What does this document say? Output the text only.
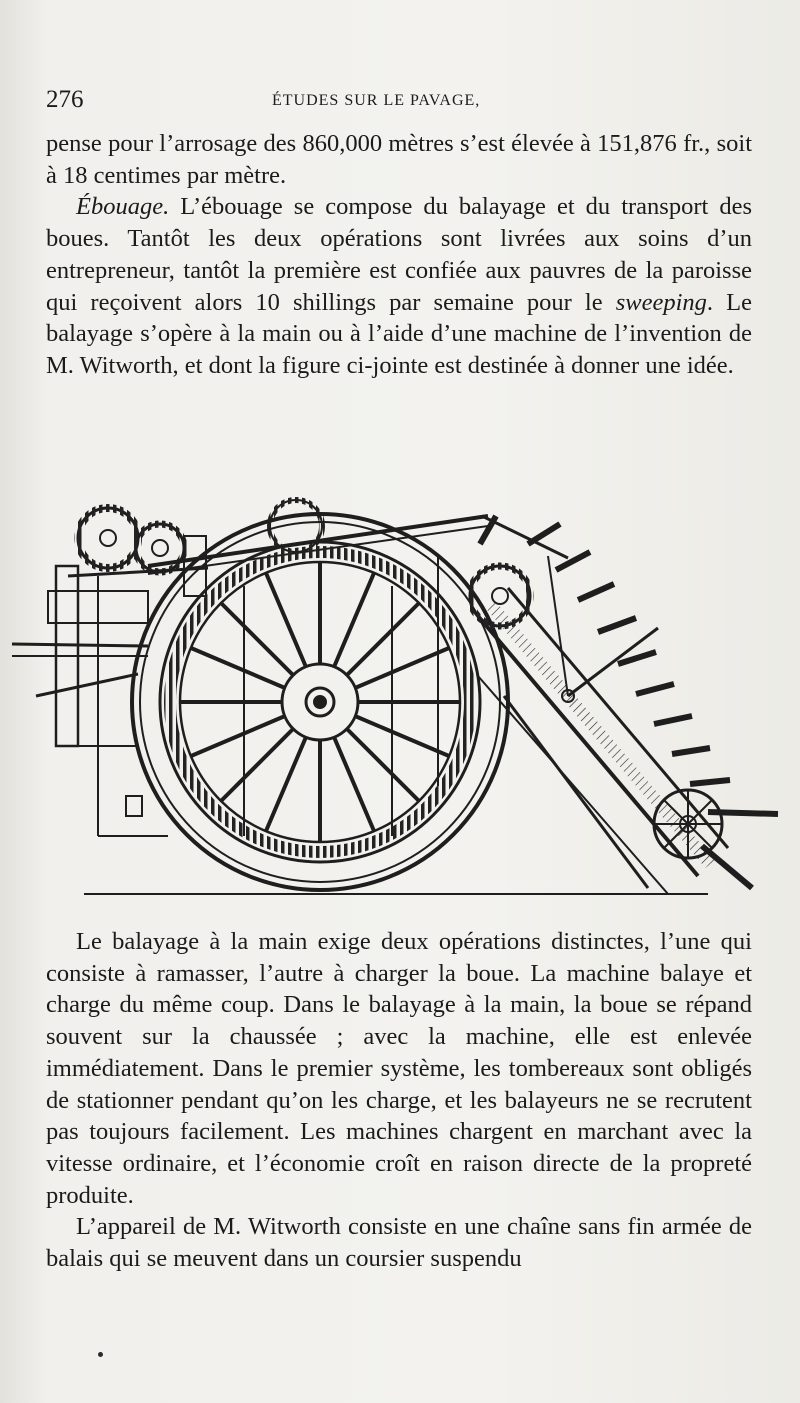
276	ÉTUDES SUR LE PAVAGE,

pense pour l’arrosage des 860,000 mètres s’est élevée à 151,876 fr., soit à 18 centimes par mètre.

Ébouage. L’ébouage se compose du balayage et du transport des boues. Tantôt les deux opérations sont livrées aux soins d’un entrepreneur, tantôt la première est confiée aux pauvres de la paroisse qui reçoivent alors 10 shillings par semaine pour le sweeping. Le balayage s’opère à la main ou à l’aide d’une machine de l’invention de M. Witworth, et dont la figure ci-jointe est destinée à donner une idée.

Le balayage à la main exige deux opérations distinctes, l’une qui consiste à ramasser, l’autre à charger la boue. La machine balaye et charge du même coup. Dans le balayage à la main, la boue se répand souvent sur la chaussée ; avec la machine, elle est enlevée immédiatement. Dans le premier système, les tombereaux sont obligés de stationner pendant qu’on les charge, et les balayeurs ne se recrutent pas toujours facilement. Les machines chargent en marchant avec la vitesse ordinaire, et l’économie croît en raison directe de la propreté produite.

L’appareil de M. Witworth consiste en une chaîne sans fin armée de balais qui se meuvent dans un coursier suspendu
